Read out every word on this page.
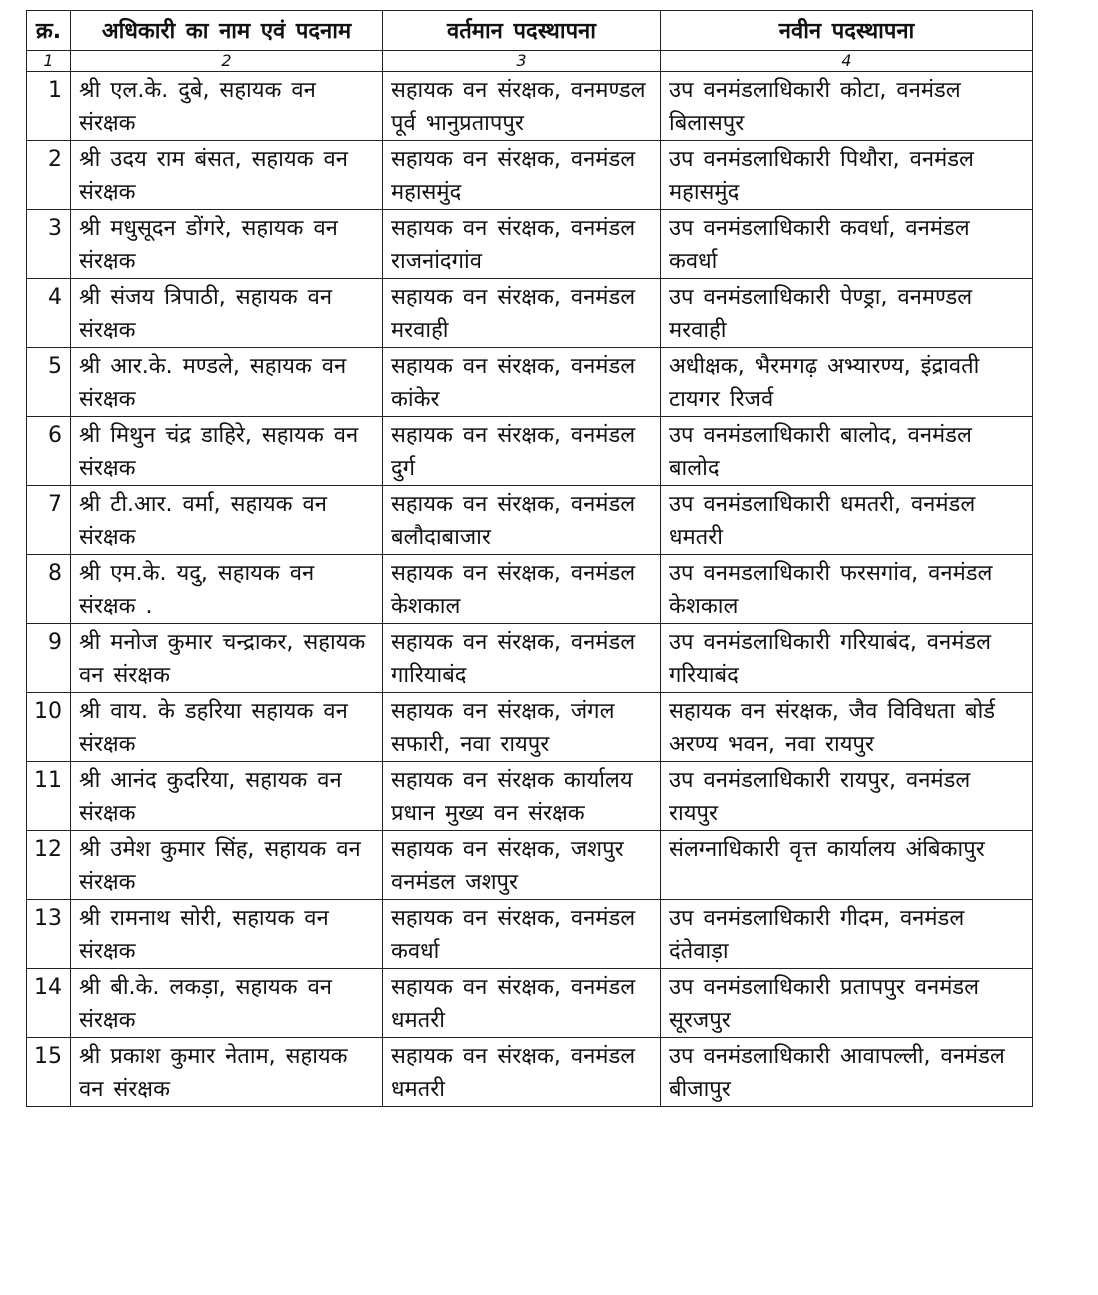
क्र.	अधिकारी का नाम एवं पदनाम	वर्तमान पदस्थापना	नवीन पदस्थापना
1	2	3	4
1	श्री एल.के. दुबे, सहायक वन संरक्षक	सहायक वन संरक्षक, वनमण्डल पूर्व भानुप्रतापपुर	उप वनमंडलाधिकारी कोटा, वनमंडल बिलासपुर
2	श्री उदय राम बंसत, सहायक वन संरक्षक	सहायक वन संरक्षक, वनमंडल महासमुंद	उप वनमंडलाधिकारी पिथौरा, वनमंडल महासमुंद
3	श्री मधुसूदन डोंगरे, सहायक वन संरक्षक	सहायक वन संरक्षक, वनमंडल राजनांदगांव	उप वनमंडलाधिकारी कवर्धा, वनमंडल कवर्धा
4	श्री संजय त्रिपाठी, सहायक वन संरक्षक	सहायक वन संरक्षक, वनमंडल मरवाही	उप वनमंडलाधिकारी पेण्ड्रा, वनमण्डल मरवाही
5	श्री आर.के. मण्डले, सहायक वन संरक्षक	सहायक वन संरक्षक, वनमंडल कांकेर	अधीक्षक, भैरमगढ़ अभ्यारण्य, इंद्रावती टायगर रिजर्व
6	श्री मिथुन चंद्र डाहिरे, सहायक वन संरक्षक	सहायक वन संरक्षक, वनमंडल दुर्ग	उप वनमंडलाधिकारी बालोद, वनमंडल बालोद
7	श्री टी.आर. वर्मा, सहायक वन संरक्षक	सहायक वन संरक्षक, वनमंडल बलौदाबाजार	उप वनमंडलाधिकारी धमतरी, वनमंडल धमतरी
8	श्री एम.के. यदु, सहायक वन संरक्षक .	सहायक वन संरक्षक, वनमंडल केशकाल	उप वनमडलाधिकारी फरसगांव, वनमंडल केशकाल
9	श्री मनोज कुमार चन्द्राकर, सहायक वन संरक्षक	सहायक वन संरक्षक, वनमंडल गारियाबंद	उप वनमंडलाधिकारी गरियाबंद, वनमंडल गरियाबंद
10	श्री वाय. के डहरिया सहायक वन संरक्षक	सहायक वन संरक्षक, जंगल सफारी, नवा रायपुर	सहायक वन संरक्षक, जैव विविधता बोर्ड अरण्य भवन, नवा रायपुर
11	श्री आनंद कुदरिया, सहायक वन संरक्षक	सहायक वन संरक्षक कार्यालय प्रधान मुख्य वन संरक्षक	उप वनमंडलाधिकारी रायपुर, वनमंडल रायपुर
12	श्री उमेश कुमार सिंह, सहायक वन संरक्षक	सहायक वन संरक्षक, जशपुर वनमंडल जशपुर	संलग्नाधिकारी वृत्त कार्यालय अंबिकापुर
13	श्री रामनाथ सोरी, सहायक वन संरक्षक	सहायक वन संरक्षक, वनमंडल कवर्धा	उप वनमंडलाधिकारी गीदम, वनमंडल दंतेवाड़ा
14	श्री बी.के. लकड़ा, सहायक वन संरक्षक	सहायक वन संरक्षक, वनमंडल धमतरी	उप वनमंडलाधिकारी प्रतापपुर वनमंडल सूरजपुर
15	श्री प्रकाश कुमार नेताम, सहायक वन संरक्षक	सहायक वन संरक्षक, वनमंडल धमतरी	उप वनमंडलाधिकारी आवापल्ली, वनमंडल बीजापुर
